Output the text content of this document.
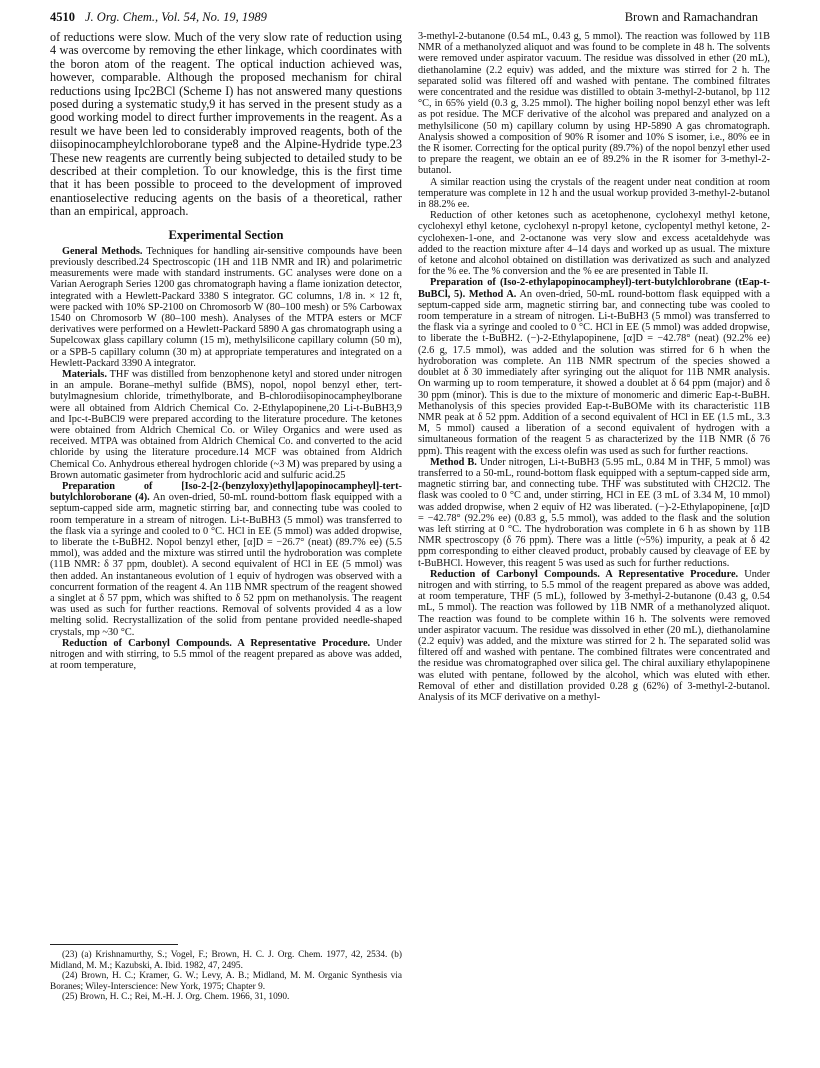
4510 J. Org. Chem., Vol. 54, No. 19, 1989	Brown and Ramachandran

of reductions were slow. Much of the very slow rate of reduction using 4 was overcome by removing the ether linkage, which coordinates with the boron atom of the reagent. The optical induction achieved was, however, comparable. Although the proposed mechanism for chiral reductions using Ipc2BCl (Scheme I) has not answered many questions posed during a systematic study,9 it has served in the present study as a good working model to direct further improvements in the reagent. As a result we have been led to considerably improved reagents, both of the diisopinocampheylchloroborane type8 and the Alpine-Hydride type.23 These new reagents are currently being subjected to detailed study to be described at their completion. To our knowledge, this is the first time that it has been possible to proceed to the development of improved enantioselective reducing agents on the basis of a theoretical, rather than an empirical, approach.

Experimental Section

General Methods. Techniques for handling air-sensitive compounds have been previously described.24 Spectroscopic (1H and 11B NMR and IR) and polarimetric measurements were made with standard instruments. GC analyses were done on a Varian Aerograph Series 1200 gas chromatograph having a flame ionization detector, integrated with a Hewlett-Packard 3380 S integrator. GC columns, 1/8 in. × 12 ft, were packed with 10% SP-2100 on Chromosorb W (80–100 mesh) or 5% Carbowax 1540 on Chromosorb W (80–100 mesh). Analyses of the MTPA esters or MCF derivatives were performed on a Hewlett-Packard 5890 A gas chromatograph using a Supelcowax glass capillary column (15 m), methylsilicone capillary column (50 m), or a SPB-5 capillary column (30 m) at appropriate temperatures and integrated on a Hewlett-Packard 3390 A integrator.

Materials. THF was distilled from benzophenone ketyl and stored under nitrogen in an ampule. Borane–methyl sulfide (BMS), nopol, nopol benzyl ether, tert-butylmagnesium chloride, trimethylborate, and B-chlorodiisopinocampheylborane were all obtained from Aldrich Chemical Co. 2-Ethylapopinene,20 Li-t-BuBH3,9 and Ipc-t-BuBCl9 were prepared according to the literature procedure. The ketones were obtained from Aldrich Chemical Co. or Wiley Organics and were used as received. MTPA was obtained from Aldrich Chemical Co. and converted to the acid chloride by using the literature procedure.14 MCF was obtained from Aldrich Chemical Co. Anhydrous ethereal hydrogen chloride (~3 M) was prepared by using a Brown automatic gasimeter from hydrochloric acid and sulfuric acid.25

Preparation of [Iso-2-[2-(benzyloxy)ethyl]apopinocampheyl]-tert-butylchloroborane (4). An oven-dried, 50-mL round-bottom flask equipped with a septum-capped side arm, magnetic stirring bar, and connecting tube was cooled to room temperature in a stream of nitrogen. Li-t-BuBH3 (5 mmol) was transferred to the flask via a syringe and cooled to 0 °C. HCl in EE (5 mmol) was added dropwise, to liberate the t-BuBH2. Nopol benzyl ether, [α]D = −26.7° (neat) (89.7% ee) (5.5 mmol), was added and the mixture was stirred until the hydroboration was complete (11B NMR: δ 37 ppm, doublet). A second equivalent of HCl in EE (5 mmol) was then added. An instantaneous evolution of 1 equiv of hydrogen was observed with a concurrent formation of the reagent 4. An 11B NMR spectrum of the reagent showed a singlet at δ 57 ppm, which was shifted to δ 52 ppm on methanolysis. The reagent was used as such for further reactions. Removal of solvents provided 4 as a low melting solid. Recrystallization of the solid from pentane provided needle-shaped crystals, mp ~30 °C.

Reduction of Carbonyl Compounds. A Representative Procedure. Under nitrogen and with stirring, to 5.5 mmol of the reagent prepared as above was added, at room temperature,

(23) (a) Krishnamurthy, S.; Vogel, F.; Brown, H. C. J. Org. Chem. 1977, 42, 2534. (b) Midland, M. M.; Kazubski, A. Ibid. 1982, 47, 2495.

(24) Brown, H. C.; Kramer, G. W.; Levy, A. B.; Midland, M. M. Organic Synthesis via Boranes; Wiley-Interscience: New York, 1975; Chapter 9.

(25) Brown, H. C.; Rei, M.-H. J. Org. Chem. 1966, 31, 1090.

3-methyl-2-butanone (0.54 mL, 0.43 g, 5 mmol). The reaction was followed by 11B NMR of a methanolyzed aliquot and was found to be complete in 48 h. The solvents were removed under aspirator vacuum. The residue was dissolved in ether (20 mL), diethanolamine (2.2 equiv) was added, and the mixture was stirred for 2 h. The separated solid was filtered off and washed with pentane. The combined filtrates were concentrated and the residue was distilled to obtain 3-methyl-2-butanol, bp 112 °C, in 65% yield (0.3 g, 3.25 mmol). The higher boiling nopol benzyl ether was left as pot residue. The MCF derivative of the alcohol was prepared and analyzed on a methylsilicone (50 m) capillary column by using HP-5890 A gas chromatograph. Analysis showed a composition of 90% R isomer and 10% S isomer, i.e., 80% ee in the R isomer. Correcting for the optical purity (89.7%) of the nopol benzyl ether used to prepare the reagent, we obtain an ee of 89.2% in the R isomer for 3-methyl-2-butanol.

A similar reaction using the crystals of the reagent under neat condition at room temperature was complete in 12 h and the usual workup provided 3-methyl-2-butanol in 88.2% ee.

Reduction of other ketones such as acetophenone, cyclohexyl methyl ketone, cyclohexyl ethyl ketone, cyclohexyl n-propyl ketone, cyclopentyl methyl ketone, 2-cyclohexen-1-one, and 2-octanone was very slow and excess acetaldehyde was added to the reaction mixture after 4–14 days and worked up as usual. The mixture of ketone and alcohol obtained on distillation was derivatized as such and analyzed for the % ee. The % conversion and the % ee are presented in Table II.

Preparation of (Iso-2-ethylapopinocampheyl)-tert-butylchlorobrane (tEap-t-BuBCl, 5). Method A. An oven-dried, 50-mL round-bottom flask equipped with a septum-capped side arm, magnetic stirring bar, and connecting tube was cooled to room temperature in a stream of nitrogen. Li-t-BuBH3 (5 mmol) was transferred to the flask via a syringe and cooled to 0 °C. HCl in EE (5 mmol) was added dropwise, to liberate the t-BuBH2. (−)-2-Ethylapopinene, [α]D = −42.78° (neat) (92.2% ee) (2.6 g, 17.5 mmol), was added and the solution was stirred for 6 h when the hydroboration was complete. An 11B NMR spectrum of the species showed a doublet at δ 30 immediately after syringing out the aliquot for 11B NMR analysis. On warming up to room temperature, it showed a doublet at δ 64 ppm (major) and δ 30 ppm (minor). This is due to the mixture of monomeric and dimeric Eap-t-BuBH. Methanolysis of this species provided Eap-t-BuBOMe with its characteristic 11B NMR peak at δ 52 ppm. Addition of a second equivalent of HCl in EE (1.5 mL, 3.3 M, 5 mmol) caused a liberation of a second equivalent of hydrogen with a simultaneous formation of the reagent 5 as characterized by the 11B NMR (δ 76 ppm). This reagent with the excess olefin was used as such for further reactions.

Method B. Under nitrogen, Li-t-BuBH3 (5.95 mL, 0.84 M in THF, 5 mmol) was transferred to a 50-mL, round-bottom flask equipped with a septum-capped side arm, magnetic stirring bar, and connecting tube. THF was substituted with CH2Cl2. The flask was cooled to 0 °C and, under stirring, HCl in EE (3 mL of 3.34 M, 10 mmol) was added dropwise, when 2 equiv of H2 was liberated. (−)-2-Ethylapopinene, [α]D = −42.78° (92.2% ee) (0.83 g, 5.5 mmol), was added to the flask and the solution was left stirring at 0 °C. The hydroboration was complete in 6 h as shown by 11B NMR spectroscopy (δ 76 ppm). There was a little (~5%) impurity, a peak at δ 42 ppm corresponding to either cleaved product, probably caused by cleavage of EE by t-BuBHCl. However, this reagent 5 was used as such for further reductions.

Reduction of Carbonyl Compounds. A Representative Procedure. Under nitrogen and with stirring, to 5.5 mmol of the reagent prepared as above was added, at room temperature, THF (5 mL), followed by 3-methyl-2-butanone (0.43 g, 0.54 mL, 5 mmol). The reaction was followed by 11B NMR of a methanolyzed aliquot. The reaction was found to be complete within 16 h. The solvents were removed under aspirator vacuum. The residue was dissolved in ether (20 mL), diethanolamine (2.2 equiv) was added, and the mixture was stirred for 2 h. The separated solid was filtered off and washed with pentane. The combined filtrates were concentrated and the residue was chromatographed over silica gel. The chiral auxiliary ethylapopinene was eluted with pentane, followed by the alcohol, which was eluted with ether. Removal of ether and distillation provided 0.28 g (62%) of 3-methyl-2-butanol. Analysis of its MCF derivative on a methyl-
